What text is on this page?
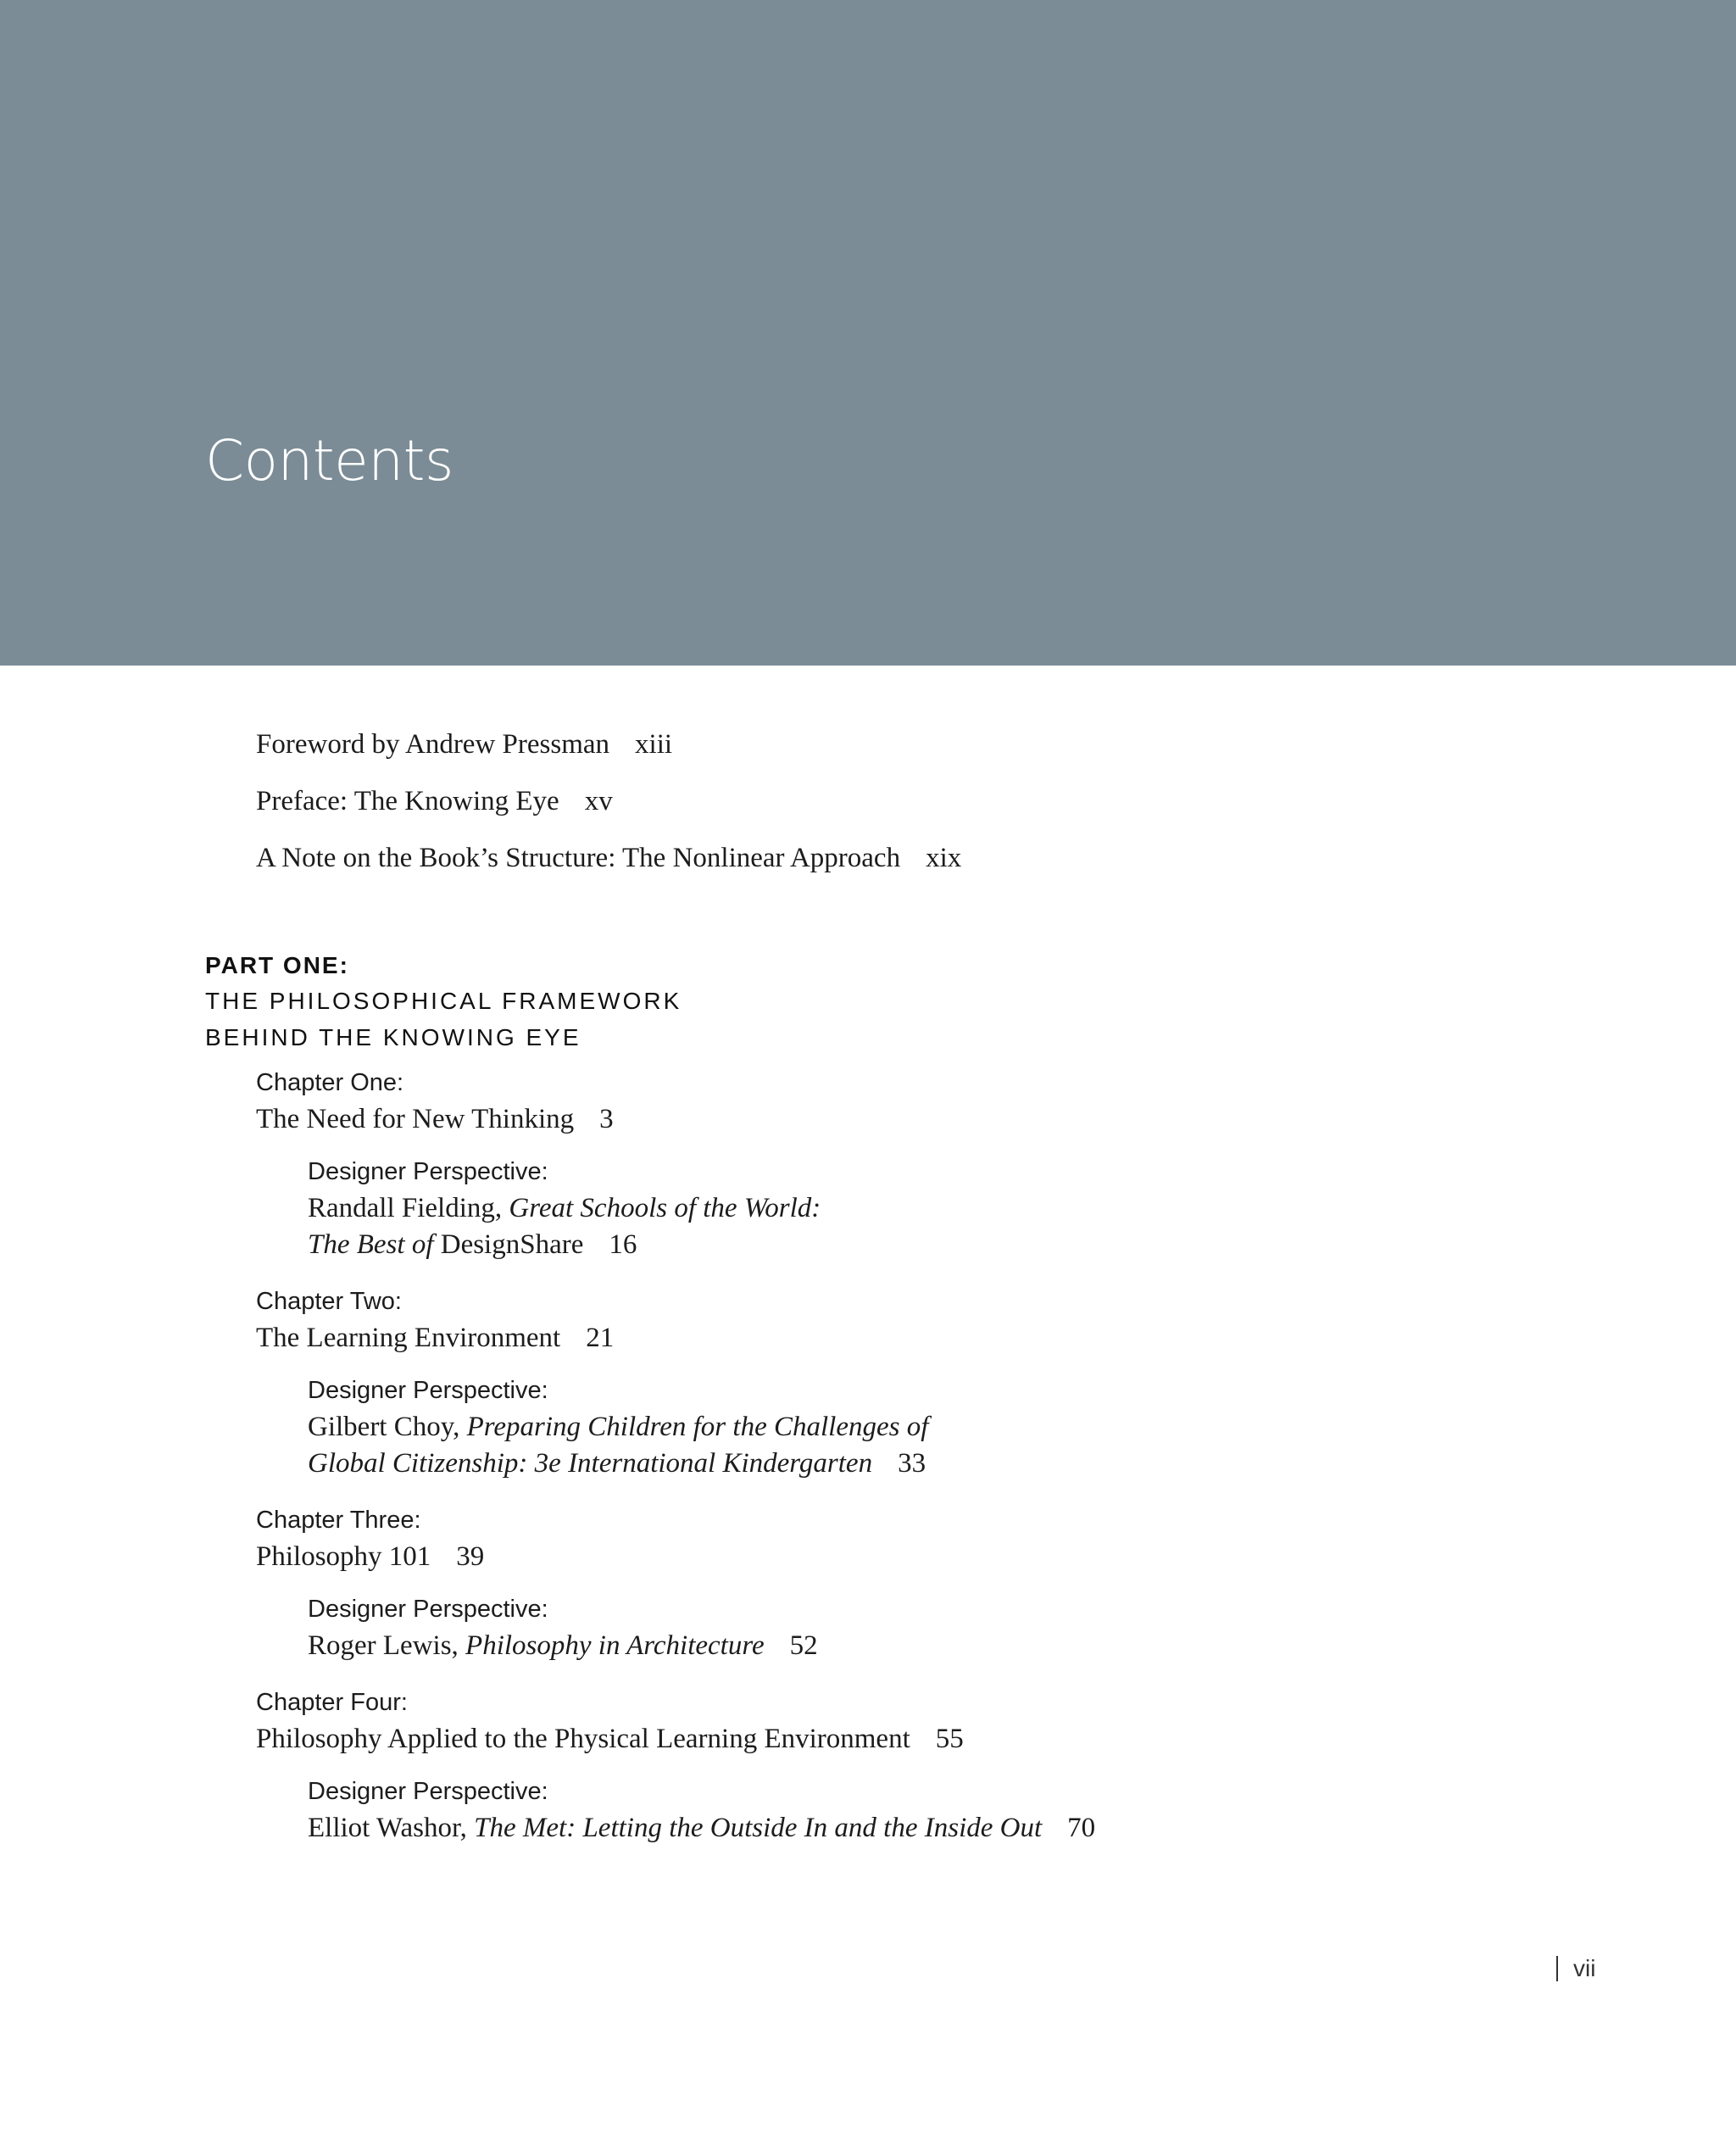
Contents
Foreword by Andrew Pressman xiii
Preface: The Knowing Eye xv
A Note on the Book’s Structure: The Nonlinear Approach xix
PART ONE:
THE PHILOSOPHICAL FRAMEWORK
BEHIND THE KNOWING EYE
Chapter One:
The Need for New Thinking 3
Designer Perspective:
Randall Fielding, Great Schools of the World:
The Best of DesignShare 16
Chapter Two:
The Learning Environment 21
Designer Perspective:
Gilbert Choy, Preparing Children for the Challenges of
Global Citizenship: 3e International Kindergarten 33
Chapter Three:
Philosophy 101 39
Designer Perspective:
Roger Lewis, Philosophy in Architecture 52
Chapter Four:
Philosophy Applied to the Physical Learning Environment 55
Designer Perspective:
Elliot Washor, The Met: Letting the Outside In and the Inside Out 70
vii
